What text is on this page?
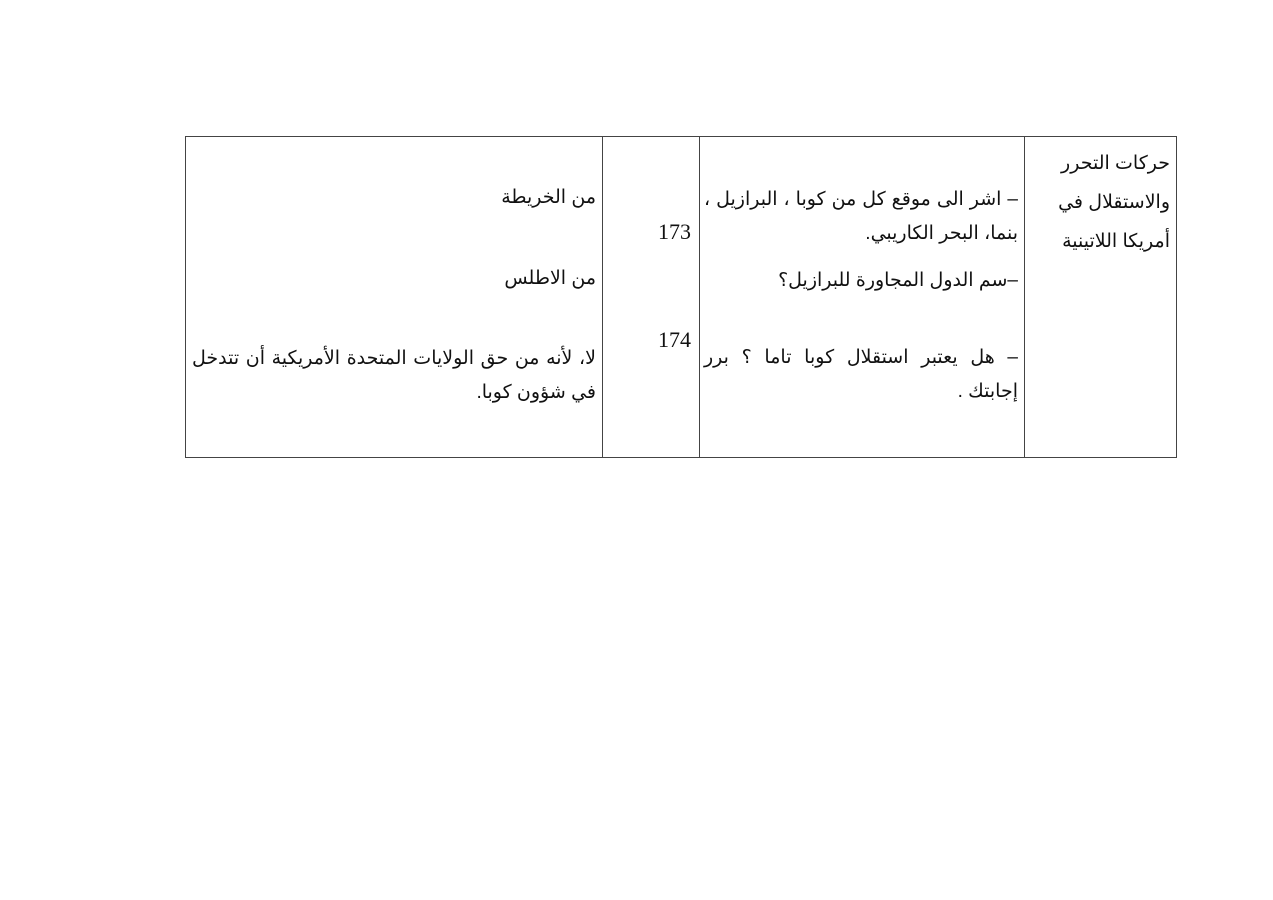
حركات التحرر والاستقلال في أمريكا اللاتينية

– اشر الى موقع كل من كوبا ، البرازيل ، بنما، البحر الكاريبي.
–سم الدول المجاورة للبرازيل؟
– هل يعتبر استقلال كوبا تاما ؟ برر إجابتك .

173
174

من الخريطة
من الاطلس
لا، لأنه من حق الولايات المتحدة الأمريكية أن تتدخل في شؤون كوبا.
